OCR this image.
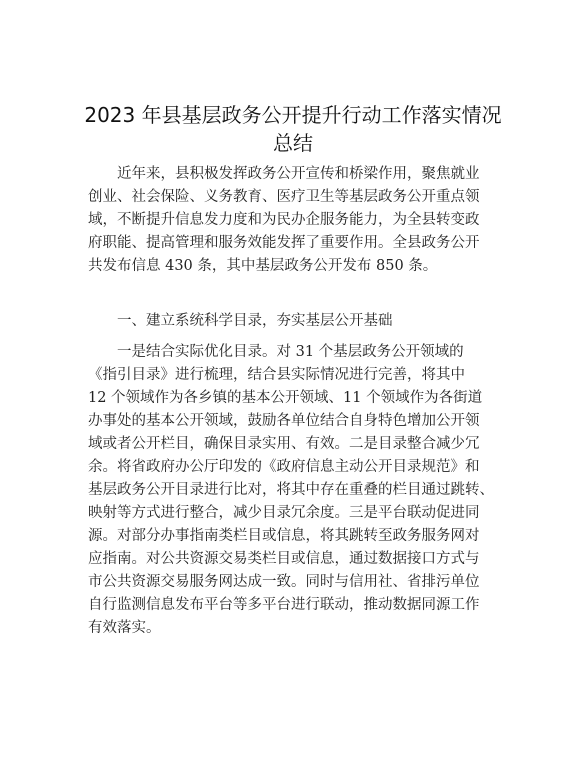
2023 年县基层政务公开提升行动工作落实情况
总结
近年来，县积极发挥政务公开宣传和桥梁作用，聚焦就业
创业、社会保险、义务教育、医疗卫生等基层政务公开重点领
域，不断提升信息发力度和为民办企服务能力，为全县转变政
府职能、提高管理和服务效能发挥了重要作用。全县政务公开
共发布信息 430 条，其中基层政务公开发布 850 条。
一、建立系统科学目录，夯实基层公开基础
一是结合实际优化目录。对 31 个基层政务公开领域的
《指引目录》进行梳理，结合县实际情况进行完善，将其中
12 个领域作为各乡镇的基本公开领域、11 个领域作为各街道
办事处的基本公开领域，鼓励各单位结合自身特色增加公开领
域或者公开栏目，确保目录实用、有效。二是目录整合减少冗
余。将省政府办公厅印发的《政府信息主动公开目录规范》和
基层政务公开目录进行比对，将其中存在重叠的栏目通过跳转、
映射等方式进行整合，减少目录冗余度。三是平台联动促进同
源。对部分办事指南类栏目或信息，将其跳转至政务服务网对
应指南。对公共资源交易类栏目或信息，通过数据接口方式与
市公共资源交易服务网达成一致。同时与信用社、省排污单位
自行监测信息发布平台等多平台进行联动，推动数据同源工作
有效落实。
